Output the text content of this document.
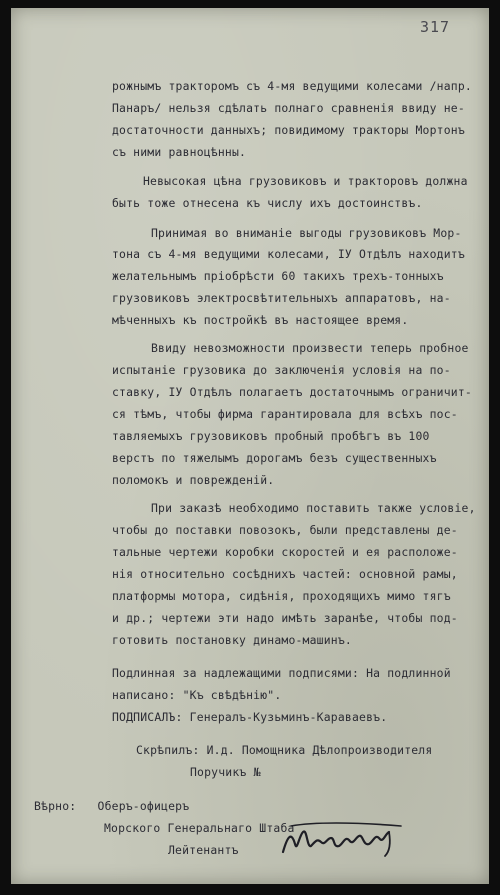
317
рожнымъ тракторомъ съ 4-мя ведущими колесами /напр.
Панаръ/ нельзя сдѣлать полнаго сравненія ввиду не-
достаточности данныхъ; повидимому тракторы Мортонъ
съ ними равноцѣнны.
Невысокая цѣна грузовиковъ и тракторовъ должна
быть тоже отнесена къ числу ихъ достоинствъ.
Принимая во вниманіе выгоды грузовиковъ Мор-
тона съ 4-мя ведущими колесами, IУ Отдѣлъ находитъ
желательнымъ пріобрѣсти 60 такихъ трехъ-тонныхъ
грузовиковъ электросвѣтительныхъ аппаратовъ, на-
мѣченныхъ къ постройкѣ въ настоящее время.
Ввиду невозможности произвести теперь пробное
испытаніе грузовика до заключенія условія на по-
ставку, IУ Отдѣлъ полагаетъ достаточнымъ ограничит-
ся тѣмъ, чтобы фирма гарантировала для всѣхъ пос-
тавляемыхъ грузовиковъ пробный пробѣгъ въ 100
верстъ по тяжелымъ дорогамъ безъ существенныхъ
поломокъ и поврежденій.
При заказѣ необходимо поставить также условіе,
чтобы до поставки повозокъ, были представлены де-
тальные чертежи коробки скоростей и ея расположе-
нія относительно сосѣднихъ частей: основной рамы,
платформы мотора, сидѣнія, проходящихъ мимо тягъ
и др.; чертежи эти надо имѣть заранѣе, чтобы под-
готовить постановку динамо-машинъ.
Подлинная за надлежащими подписями: На подлинной
написано: "Къ свѣдѣнію".
ПОДПИСАЛЪ: Генералъ-Кузьминъ-Караваевъ.
Скрѣпилъ: И.д. Помощника Дѣлопроизводителя
Поручикъ №
Вѣрно:   Оберъ-офицеръ
Морского Генеральнаго Штаба
Лейтенантъ
